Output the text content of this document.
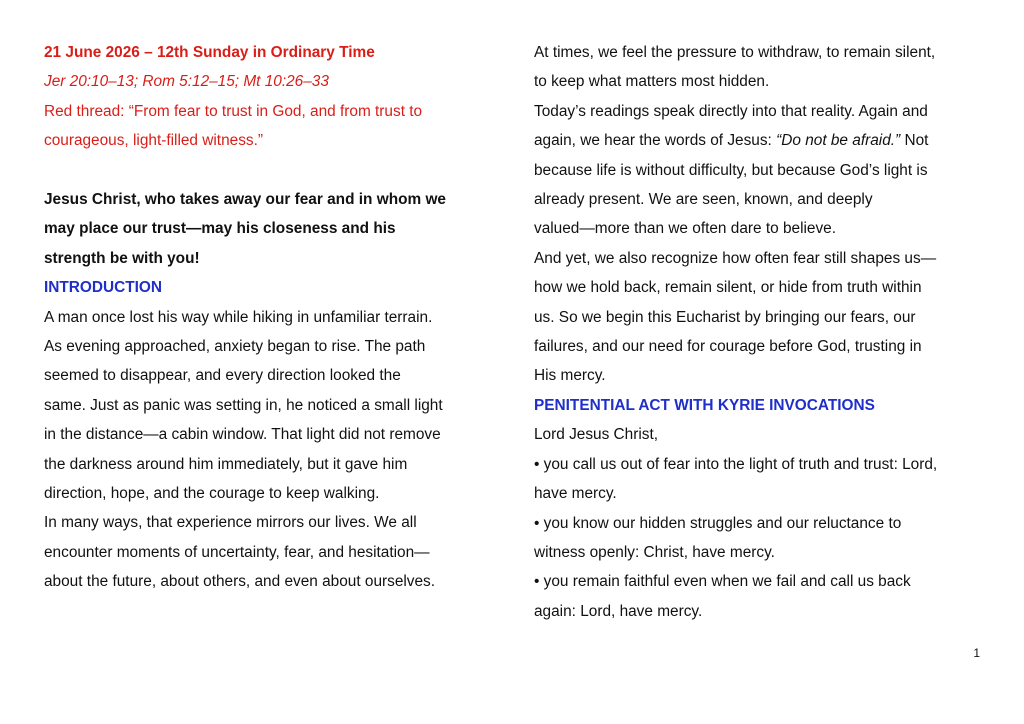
21 June 2026 – 12th Sunday in Ordinary Time
Jer 20:10–13; Rom 5:12–15; Mt 10:26–33
Red thread: “From fear to trust in God, and from trust to
courageous, light-filled witness.”
Jesus Christ, who takes away our fear and in whom we
may place our trust—may his closeness and his
strength be with you!
INTRODUCTION
A man once lost his way while hiking in unfamiliar terrain.
As evening approached, anxiety began to rise. The path
seemed to disappear, and every direction looked the
same. Just as panic was setting in, he noticed a small light
in the distance—a cabin window. That light did not remove
the darkness around him immediately, but it gave him
direction, hope, and the courage to keep walking.
In many ways, that experience mirrors our lives. We all
encounter moments of uncertainty, fear, and hesitation—
about the future, about others, and even about ourselves.
At times, we feel the pressure to withdraw, to remain silent,
to keep what matters most hidden.
Today’s readings speak directly into that reality. Again and
again, we hear the words of Jesus: “Do not be afraid.” Not
because life is without difficulty, but because God’s light is
already present. We are seen, known, and deeply
valued—more than we often dare to believe.
And yet, we also recognize how often fear still shapes us—
how we hold back, remain silent, or hide from truth within
us. So we begin this Eucharist by bringing our fears, our
failures, and our need for courage before God, trusting in
His mercy.
PENITENTIAL ACT WITH KYRIE INVOCATIONS
Lord Jesus Christ,
• you call us out of fear into the light of truth and trust: Lord,
have mercy.
• you know our hidden struggles and our reluctance to
witness openly: Christ, have mercy.
• you remain faithful even when we fail and call us back
again: Lord, have mercy.
1
